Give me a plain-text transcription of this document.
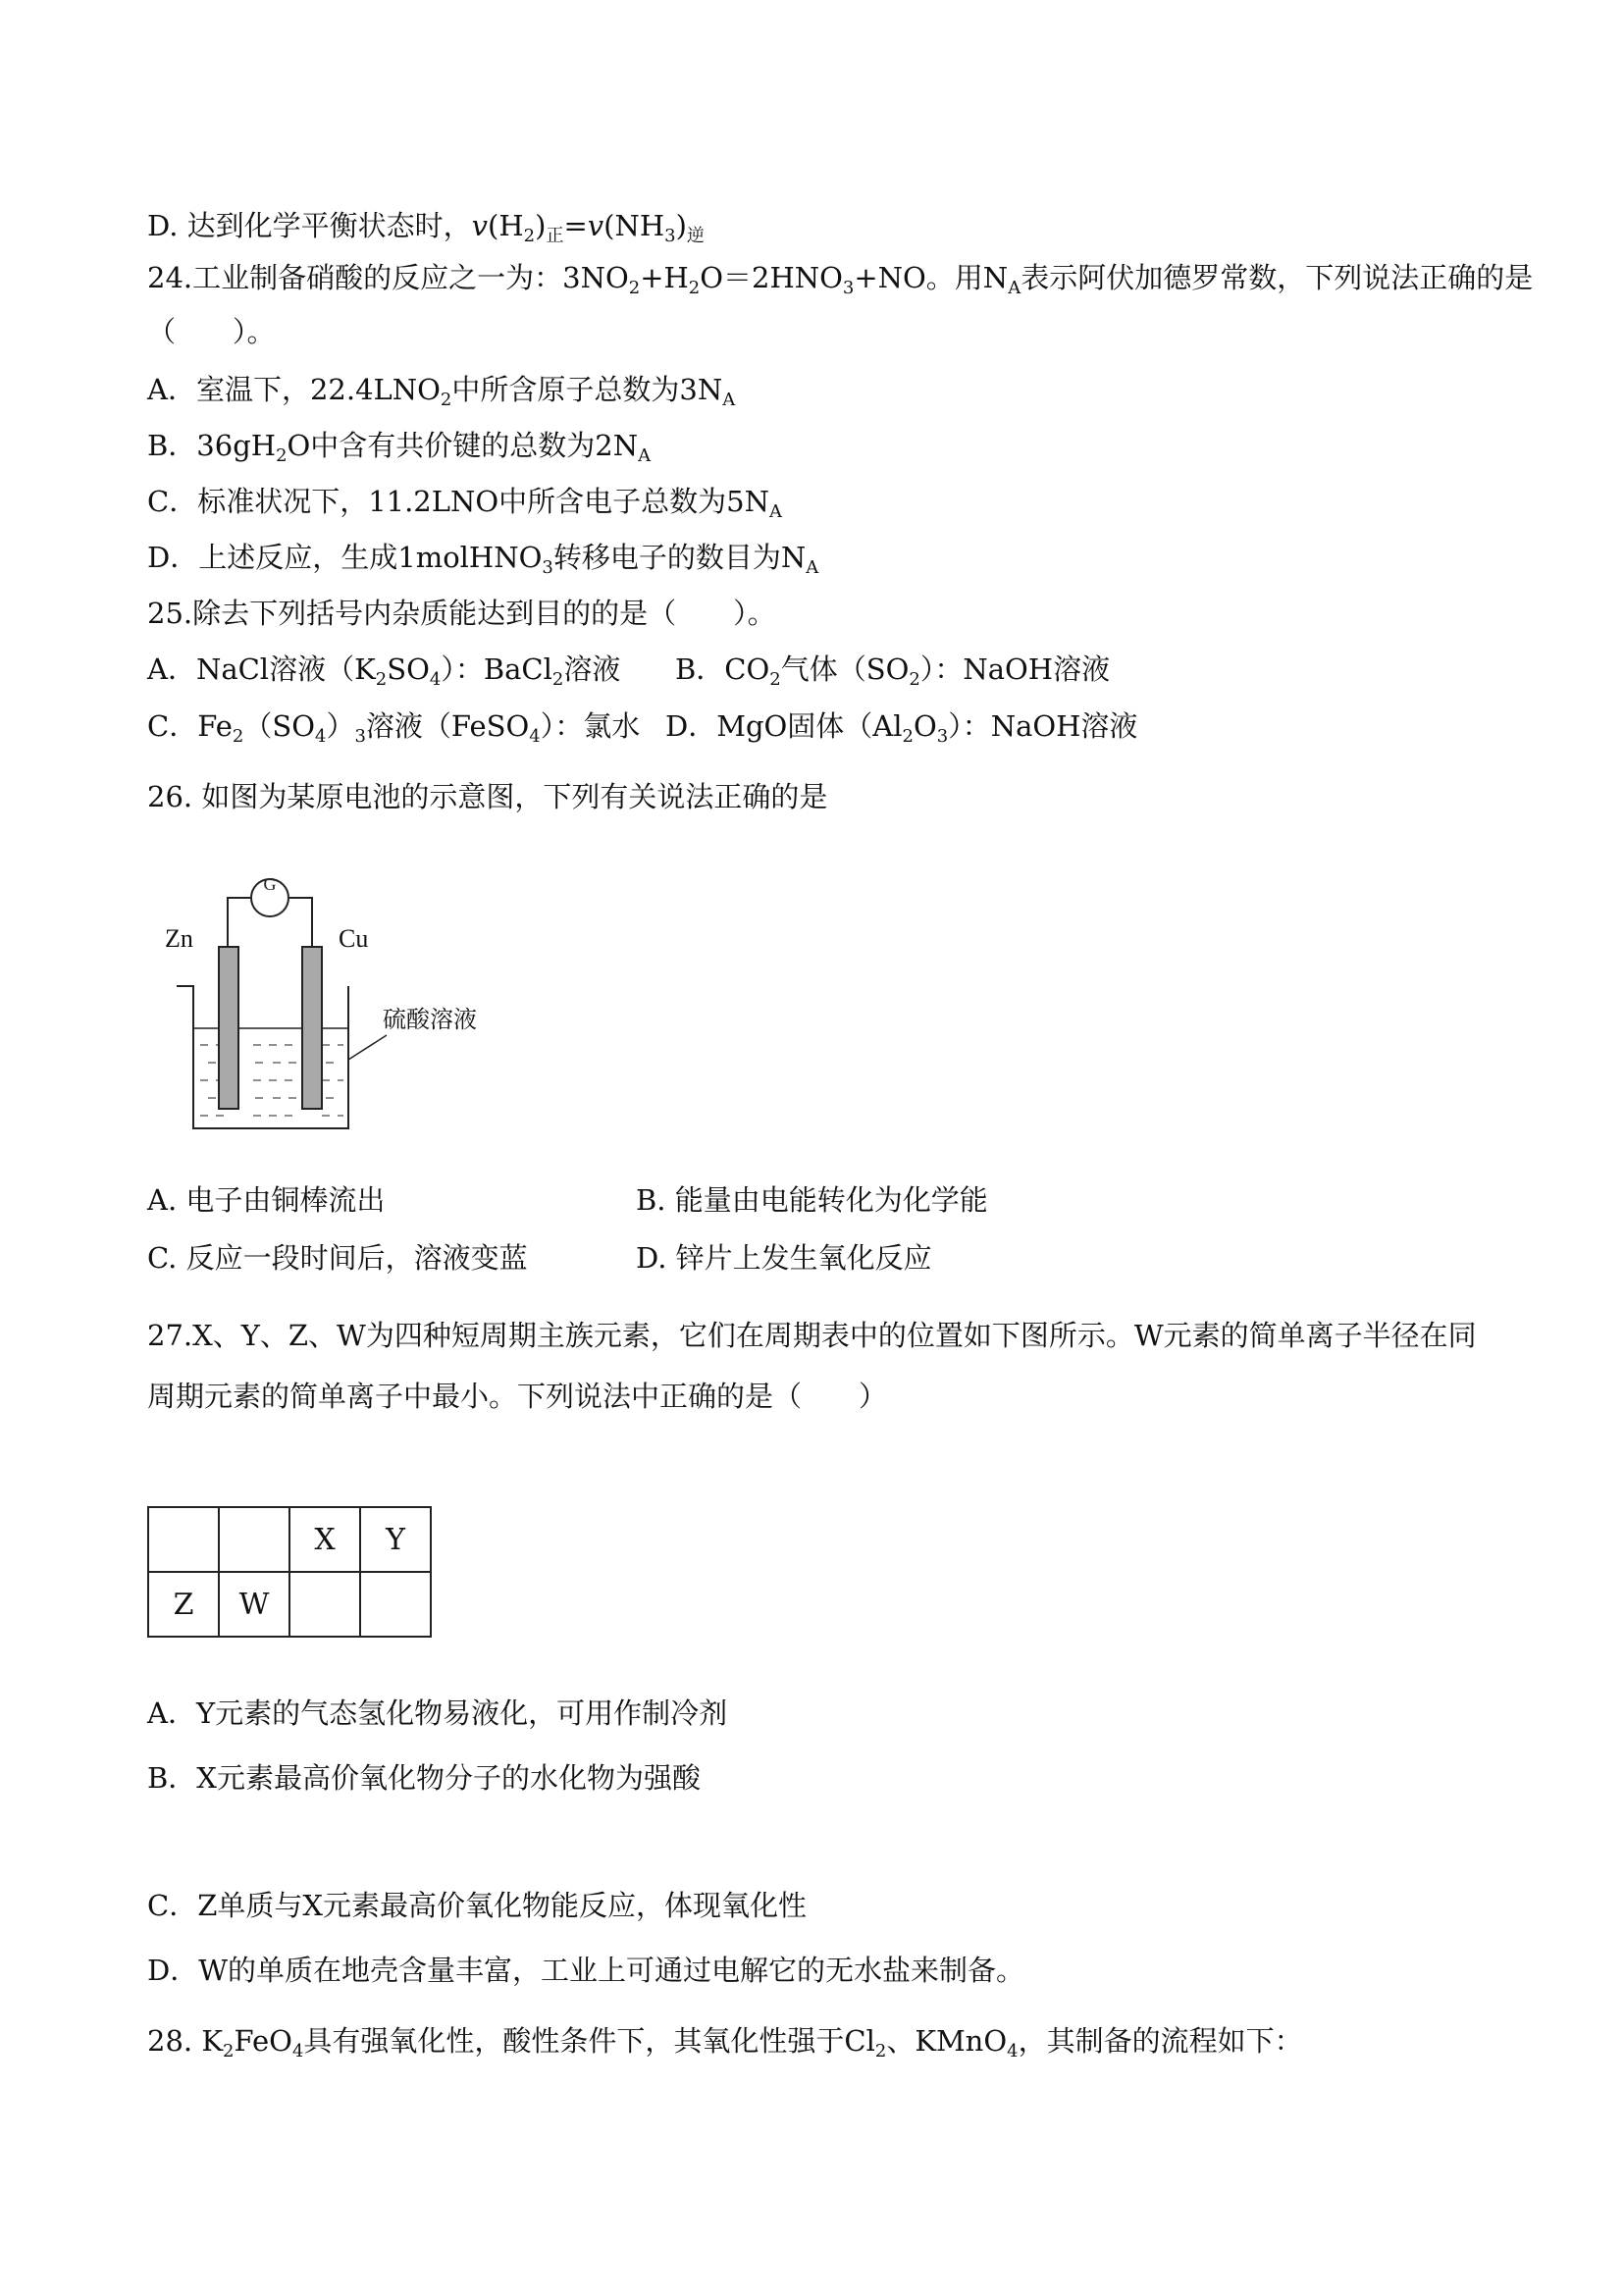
D. 达到化学平衡状态时，$v(H_2)_正=v(NH_3)_逆$
24.工业制备硝酸的反应之一为：$3NO_2+H_2O=2HNO_3+NO$。用$N_A$表示阿伏加德罗常数，下列说法正确的是
（　　）。
A．室温下，$22.4LNO_2$中所含原子总数为$3N_A$
B．$36gH_2O$中含有共价键的总数为$2N_A$
C．标准状况下，11.2LNO中所含电子总数为$5N_A$
D．上述反应，生成1molHNO$_3$转移电子的数目为$N_A$
25.除去下列括号内杂质能达到目的的是（　　）。
A．NaCl溶液$(K_2SO_4)$：BaCl$_2$溶液 B．$CO_2$气体$(SO_2)$：NaOH溶液
C．$Fe_2(SO_4)_3$溶液（FeSO$_4$）：氯水 D．MgO固体$(Al_2O_3)$：NaOH溶液
26. 如图为某原电池的示意图，下列有关说法正确的是
G
Zn	Cu
硫酸溶液
A. 电子由铜棒流出	B. 能量由电能转化为化学能
C. 反应一段时间后，溶液变蓝	D. 锌片上发生氧化反应
27.X、Y、Z、W为四种短周期主族元素，它们在周期表中的位置如下图所示。W元素的简单离子半径在同
周期元素的简单离子中最小。下列说法中正确的是（　　）
		X	Y
Z	W		
A．Y元素的气态氢化物易液化，可用作制冷剂
B．X元素最高价氧化物分子的水化物为强酸
C．Z单质与X元素最高价氧化物能反应，体现氧化性
D．W的单质在地壳含量丰富，工业上可通过电解它的无水盐来制备。
28. $K_2FeO_4$具有强氧化性，酸性条件下，其氧化性强于$Cl_2$、KMnO$_4$，其制备的流程如下：
